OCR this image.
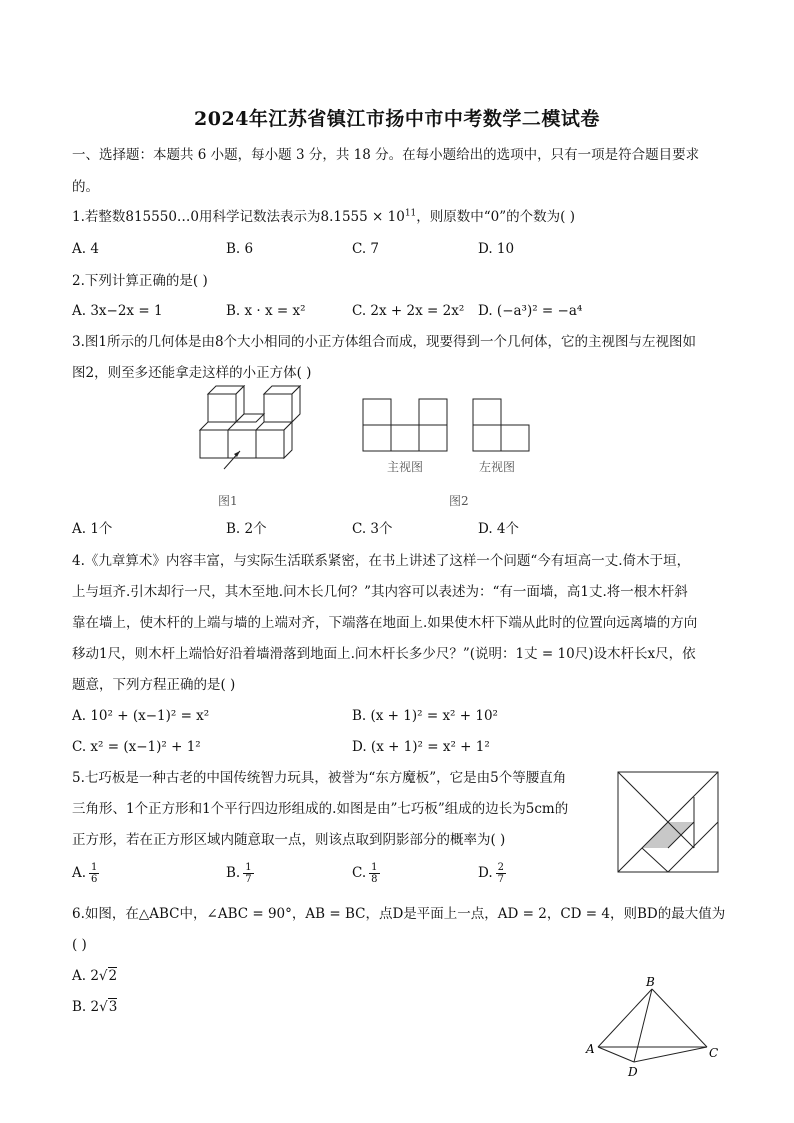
2024年江苏省镇江市扬中市中考数学二模试卷
一、选择题：本题共 6 小题，每小题 3 分，共 18 分。在每小题给出的选项中，只有一项是符合题目要求
的。
1.若整数815550…0用科学记数法表示为$8.1555 \times 10^{11}$，则原数中“0”的个数为( )
A. 4	B. 6	C. 7	D. 10
2.下列计算正确的是( )
A. 3x−2x = 1	B. x · x = x²	C. 2x + 2x = 2x² D. (−a³)² = −a⁴
3.图1所示的几何体是由8个大小相同的小正方体组合而成，现要得到一个几何体，它的主视图与左视图如
图2，则至多还能拿走这样的小正方体( )
图1
主视图	左视图
图2
A. 1个	B. 2个	C. 3个	D. 4个
4.《九章算术》内容丰富，与实际生活联系紧密，在书上讲述了这样一个问题“今有垣高一丈.倚木于垣，
上与垣齐.引木却行一尺，其木至地.问木长几何？”其内容可以表述为：“有一面墙，高1丈.将一根木杆斜
靠在墙上，使木杆的上端与墙的上端对齐，下端落在地面上.如果使木杆下端从此时的位置向远离墙的方向
移动1尺，则木杆上端恰好沿着墙滑落到地面上.问木杆长多少尺？”(说明：1丈 = 10尺)设木杆长x尺，依
题意，下列方程正确的是( )
A. 10² + (x−1)² = x²	B. (x + 1)² = x² + 10²
C. x² = (x−1)² + 1²	D. (x + 1)² = x² + 1²
5.七巧板是一种古老的中国传统智力玩具，被誉为“东方魔板”，它是由5个等腰直角
三角形、1个正方形和1个平行四边形组成的.如图是由”七巧板”组成的边长为5cm的
正方形，若在正方形区域内随意取一点，则该点取到阴影部分的概率为( )
A. $\frac{1}{6}$	B. $\frac{1}{7}$	C. $\frac{1}{8}$	D. $\frac{2}{7}$
6.如图，在△ABC中，∠ABC = 90°，AB = BC，点D是平面上一点，AD = 2，CD = 4，则BD的最大值为
( )
A. 2√2
B. 2√3
B
A	C
D
